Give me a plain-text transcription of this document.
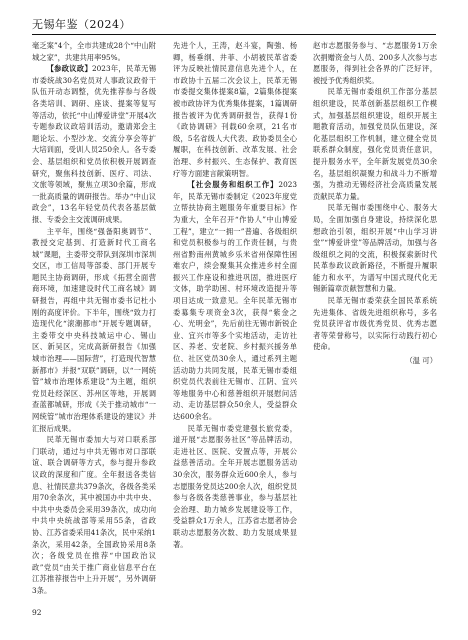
无锡年鉴（2024）

毫乏案”4个，全市共建成28个“中山附城之家”，共建共用率95%。

【参政议政】2023年，民革无锡市委统战30名党员对人事政议政骨干队伍开动态调整，优先推荐参与各级各类培训、调研、座谈、提案等复写等活动，依托“中山博爱讲堂”开展4次专题参政议政培训活动，邀请郑会主题论坛、小型沙龙、交流分享会等扩大培训面，受训人员250余人。各专委会、基层组织和党员依积极开展调查研究，聚焦科技创新、医疗、司法、文旅等领域，聚焦立项30余篇，形成一批高质量的调研报告。举办“中山议政会”，13名年轻党员代表各基层做报、专委会主交流调研成果。

主平年，围绕“强备阳奥调节”、教授交定基到、打造新时代工商名城”课题，主委带交带队到深圳市深圳交区，市工信局等部委、部门开展专题民主协商调研，形成《拓营全面营商环境，加速建设时代工商名城》调研报告，再组中共无锡市委书记杜小刚的高度评价。下半年，围绕“致力打造现代化“滚潮都市”开展专题调研，主委带交中央科技城运中心、锡山区、新吴区，完成高新研报告《加强城市治理——国际营”，打造现代智慧新都市》并报“双联”调研，以“一网统管”城市治理体系建设”为主题，组织党员赴经深区、苏州区等地，开展调查蓝都城研，形成《关于推动城市“一网统管”城市治理体系建设的建议》并汇报后成果。

民革无锡市委加大与对口联系部门联动，通过与中共无锡市对口部联谊、联合调研等方式，参与提升参政议政的深度和广度。全年报送各类信息、社情民意共379条次，各级各类采用70余条次，其中被国办中共中央、中共中央委员会采用39条次，成功向中共中央统战部等采用55条，省政协、江苏省委采用41条次，民中采纳1条次，采用42条，全国政协采用8条次；各级党员在推荐“中国政治议政”党员“由关于推广商业信息平台在江苏推荐报告中上升开展”，另外调研3条。

先进个人，王涛，赵斗宴，陶強、杨卿，杨垂纲、井菲、小胡被民革省委评为反映社情民意信息先进个人，在市政协十五届二次会议上，民革无锡市委提交集体提案8篇，2篇集体提案被市政协评为优秀集体提案，1篇调研报告被评为优秀调研报告，获得1份《政协调研》刊载60余项，21名市级，5名省级人大代表、政协委员全心履职，在科技创新、改革发展、社会治理、乡村振兴、生态保护、教育医疗等方面建言献策明智。

【社会服务和组织工作】2023年，民革无锡市委制定《2023年度党立帮扶协商主题服务年重要目标》作为重大，全年召开“作协人”中山博爱工程”，建立“一拥一”普遍、各级组织和党员积极参与的工作责任制，与贵州省黔南州黄城乡乐米省州保障性困难农户，续会聚集其众推进乡村全面振兴工作座设和推进巩固，推进医疗文体，助学助困、村环境改造提升等项目达成一致意见。全年民革无锡市委募集专项资金3次，获得“紫金之心、光明金”，先后前往无锡市新锐企业、宜兴市等多个实地活动，走访社区、养老、安老院、乡村振兴援务单位、社区党员30余人，通过系列主题活动助力共同发展，民革无锡市委组织党员代表前往无锡市、江阴、宜兴等地服务中心和慈善组织开展慰问活动、走访基层群众50余人，受益群众达600余名。

民革无锡市委党建强长旅党委，道开展“志愿服务社区”等品牌活动，走进社区、医院、安置点等，开展公益慈善活动。全年开展志愿服务活动30余次，服务群众近600余人，参与志愿服务党员达200余人次，组织党员参与各级各类慈善事业，参与基层社会治理、助力城乡发展建设等工作，受益群众1万余人，江苏省志愿者协会联动志愿服务次数、助力发展成果显著。

赵市志愿服务参与、“志愿服务1万余次捐赠资金与人员、200多人次参与志愿服务，得到社会各界的广泛好评，被授予优秀组织奖。

民革无锡市委组织工作部分基层组织建设，民革创新基层组织工作模式，加强基层组织建设，组织开展主题教育活动，加强党员队伍建设，深化基层组织工作机制，建立健全党员联系群众制度，强化党员责任意识，提升服务水平，全年新发展党员30余名，基层组织凝聚力和战斗力不断增强，为推动无锡经济社会高质量发展贡献民革力量。

民革无锡市委围绕中心、服务大局，全面加强自身建设，持续深化思想政治引领，组织开展“中山学习讲堂”“博爱讲堂”等品牌活动，加强与各级组织之间的交流，积极探索新时代民革参政议政新路径，不断提升履职能力和水平，为谱写中国式现代化无锡新篇章贡献智慧和力量。

民革无锡市委荣获全国民革系统先进集体、省级先进组织称号，多名党员获评省市级优秀党员、优秀志愿者等荣誉称号，以实际行动践行初心使命。

（温 可）

92
